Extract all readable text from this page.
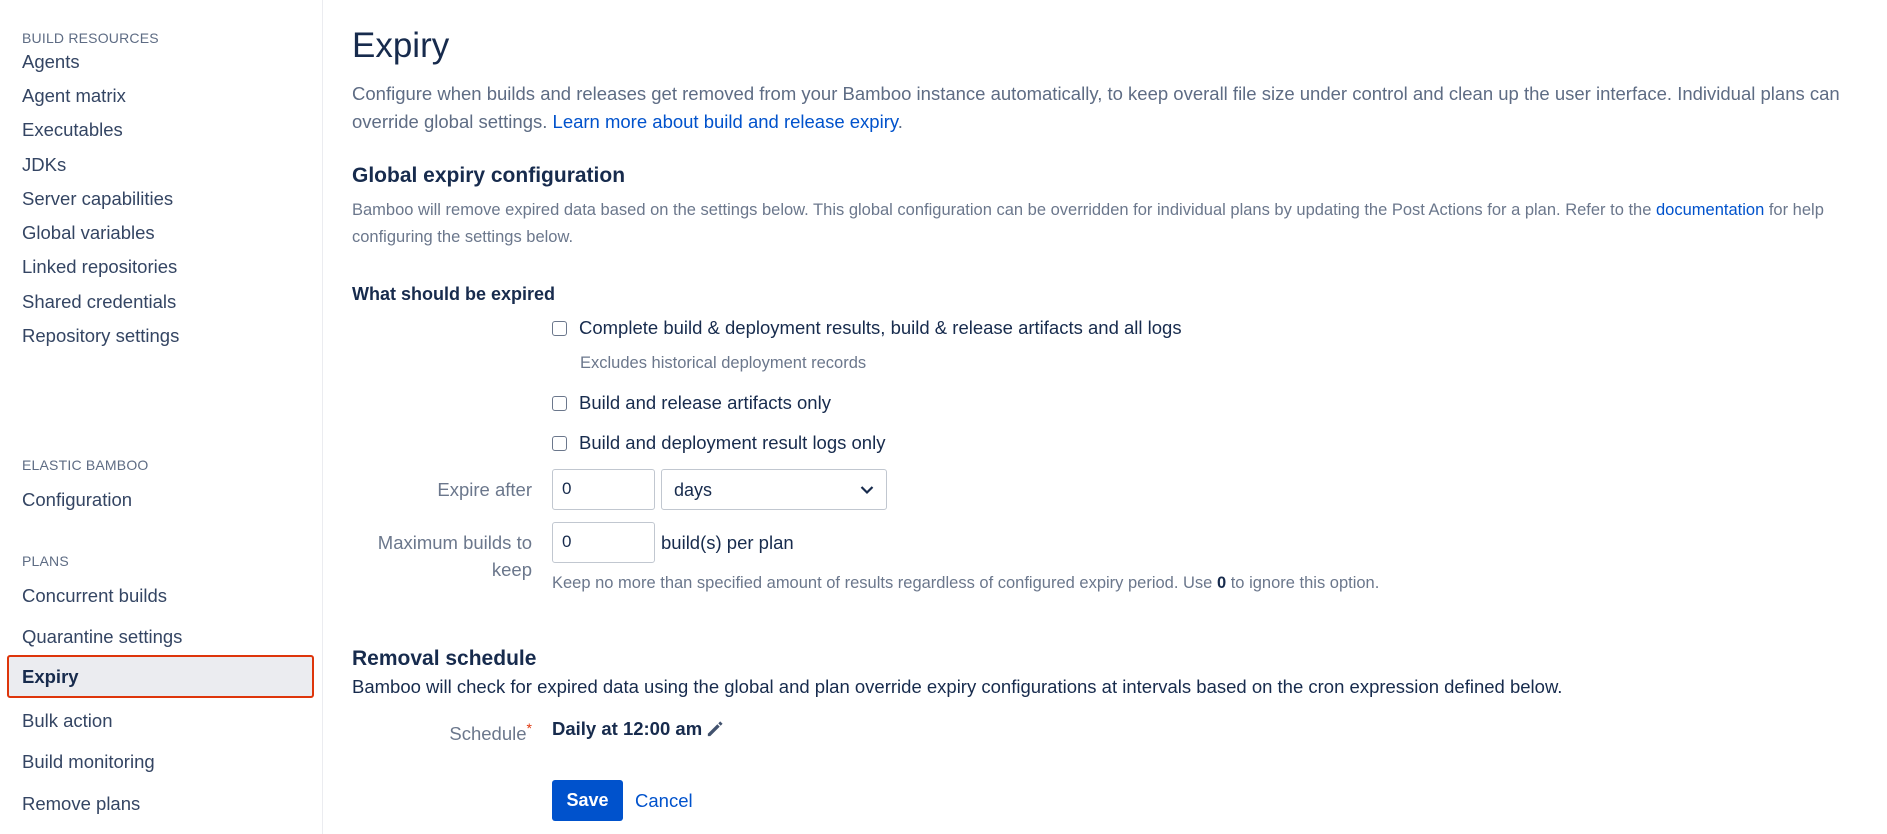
BUILD RESOURCES
Agents
Agent matrix
Executables
JDKs
Server capabilities
Global variables
Linked repositories
Shared credentials
Repository settings
ELASTIC BAMBOO
Configuration
PLANS
Concurrent builds
Quarantine settings
Expiry
Bulk action
Build monitoring
Remove plans
Expiry

Configure when builds and releases get removed from your Bamboo instance automatically, to keep overall file size under control and clean up the user interface. Individual plans can override global settings. Learn more about build and release expiry.

Global expiry configuration

Bamboo will remove expired data based on the settings below. This global configuration can be overridden for individual plans by updating the Post Actions for a plan. Refer to the documentation for help configuring the settings below.

What should be expired
Complete build & deployment results, build & release artifacts and all logs
Excludes historical deployment records
Build and release artifacts only
Build and deployment result logs only
Expire after	0	days
Maximum builds to keep
0	build(s) per plan
Keep no more than specified amount of results regardless of configured expiry period. Use 0 to ignore this option.
Removal schedule

Bamboo will check for expired data using the global and plan override expiry configurations at intervals based on the cron expression defined below.

Schedule* Daily at 12:00 am
Save	Cancel
